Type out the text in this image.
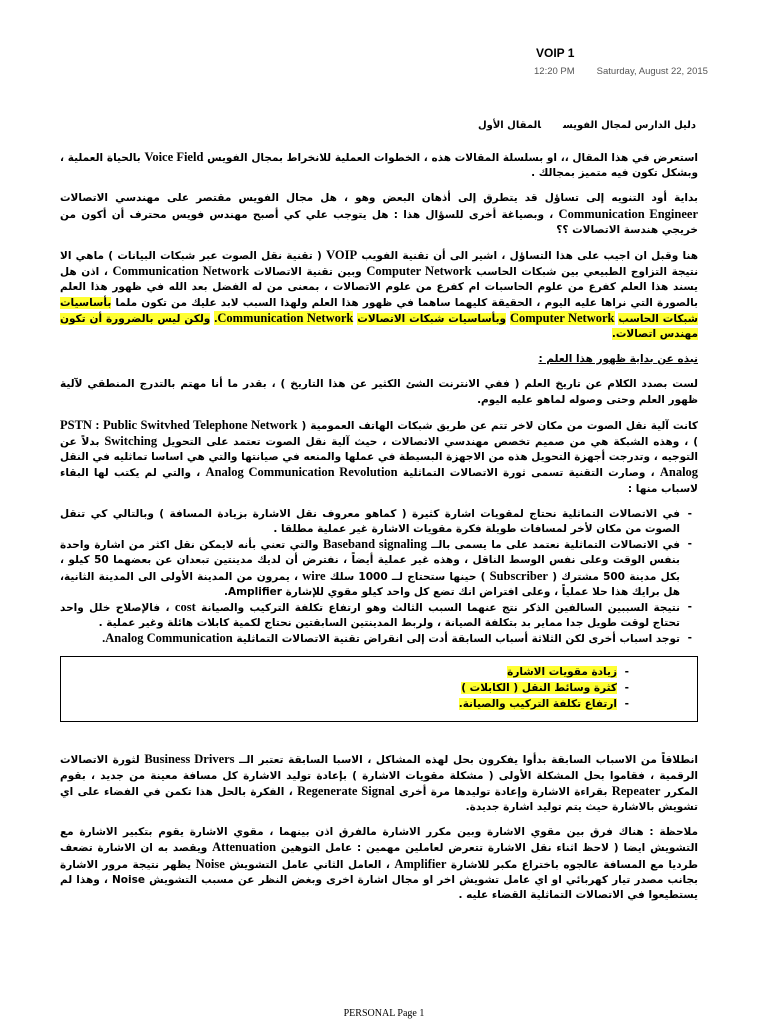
VOIP 1
12:20 PM Saturday, August 22, 2015
دليل الدارس لمجال الفويسالمقال الأول

استعرض في هذا المقال ،، او بسلسلة المقالات هذه ، الخطوات العملية للانخراط بمجال الفويس Voice Field بالحياة العملية ، وبشكل تكون فيه متميز بمجالك .

بداية أود التنويه إلى تساؤل قد يتطرق إلى أذهان البعض وهو ، هل مجال الفويس مقتصر على مهندسي الاتصالات Communication Engineer ، وبصياغة أخرى للسؤال هذا : هل يتوجب علي كي أصبح مهندس فويس محترف أن أكون من خريجي هندسة الاتصالات ؟؟

هنا وقبل ان اجيب على هذا التساؤل ، اشير الى أن تقنية الفويب VOIP ( تقنية نقل الصوت عبر شبكات البيانات ) ماهي الا نتيجة التزاوج الطبيعي بين شبكات الحاسب Computer Network وبين تقنية الاتصالات Communication Network ، اذن هل يسند هذا العلم كفرع من علوم الحاسبات ام كفرع من علوم الاتصالات ، بمعنى من له الفضل بعد الله في ظهور هذا العلم بالصورة التي نراها عليه اليوم ، الحقيقة كليهما ساهما في ظهور هذا العلم ولهذا السبب لابد عليك من تكون ملما بأساسيات شبكات الحاسب Computer Network وبأساسيات شبكات الاتصالات Communication Network. ولكن ليس بالضرورة أن تكون مهندس اتصالات.

نبذه عن بداية ظهور هذا العلم :

لست بصدد الكلام عن تاريخ العلم ( ففي الانترنت الشئ الكثير عن هذا التاريخ ) ، بقدر ما أنا مهتم بالتدرج المنطقي لآلية ظهور العلم وحتى وصوله لماهو عليه اليوم.

كانت آلية نقل الصوت من مكان لاخر تتم عن طريق شبكات الهاتف العمومية ( PSTN : Public Switvhed Telephone Network ) ، وهذه الشبكة هي من صميم تخصص مهندسي الاتصالات ، حيث آلية نقل الصوت تعتمد على التحويل Switching بدلاً عن التوجيه ، وتدرجت أجهزة التحويل هذه من الاجهزة البسيطة في عملها والمنعه في صيانتها والتي هي اساسا تماثليه في النقل Analog ، وصارت التقنية تسمى ثورة الاتصالات التماثلية Analog Communication Revolution ، والتي لم يكتب لها البقاء لاسباب منها :

- في الاتصالات التماثلية نحتاج لمقويات اشارة كثيرة ( كماهو معروف نقل الاشارة بزيادة المسافة ) وبالتالي كي تنقل الصوت من مكان لأخر لمسافات طويلة فكرة مقويات الاشارة غير عملية مطلقا .
- في الاتصالات التماثلية نعتمد على ما يسمى بالــ Baseband signaling والتي تعني بأنه لايمكن نقل اكثر من اشارة واحدة بنفس الوقت وعلى نفس الوسط الناقل ، وهذه غير عملية أيضاً ، نفترض أن لديك مدينتين تبعدان عن بعضهما 50 كيلو ، بكل مدينة 500 مشترك ( Subscriber ) حينها ستحتاج لــ 1000 سلك wire ، يمرون من المدينة الأولى الى المدينة الثانية، هل برايك هذا حلا عملياً ، وعلى افتراض انك تضع كل واحد كيلو مقوي للإشارة Amplifier.
- نتيجة السببين السالفين الذكر نتج عنهما السبب الثالث وهو ارتفاع تكلفة التركيب والصيانة cost ، فالإصلاح خلل واحد تحتاج لوقت طويل جدا مماير بد بتكلفة الصيانة ، ولربط المدينتين السابقتين نحتاج لكمية كابلات هائلة وغير عملية .
- توجد اسباب أخرى لكن الثلاثة أسباب السابقة أدت إلى انقراض تقنية الاتصالات التماثلية Analog Communication.
- زيادة مقويات الاشارة
- كثرة وسائط النقل ( الكابلات )
- ارتفاع تكلفة التركيب والصيانة.

انطلاقاً من الاسباب السابقة بدأوا يفكرون بحل لهذه المشاكل ، الاسبا السابقة تعتبر الــ Business Drivers لثورة الاتصالات الرقمية ، فقاموا بحل المشكلة الأولى ( مشكلة مقويات الاشارة ) بإعادة توليد الاشارة كل مسافة معينة من جديد ، بقوم المكرر Repeater بقراءة الاشارة وإعادة توليدها مرة أخرى Regenerate Signal ، الفكرة بالحل هذا تكمن في الفضاء على اي تشويش بالاشارة حيث يتم توليد اشارة جديدة.

ملاحظة : هناك فرق بين مقوي الاشارة وبين مكرر الاشارة مالفرق اذن بينهما ، مقوي الاشارة يقوم بتكبير الاشارة مع التشويش ايضا ( لاحظ اثناء نقل الاشارة تتعرض لعاملين مهمين : عامل التوهين Attenuation ويقصد به ان الاشارة تضعف طرديا مع المسافة عالجوه باختراع مكبر للاشارة Amplifier ، العامل الثاني عامل التشويش Noise يظهر نتيجة مرور الاشارة بجانب مصدر تيار كهربائي او اي عامل تشويش اخر او مجال اشارة اخرى وبغض النظر عن مسبب التشويش Noise ، وهذا لم يستطيعوا في الاتصالات التماثلية القضاء عليه .

PERSONAL Page 1
